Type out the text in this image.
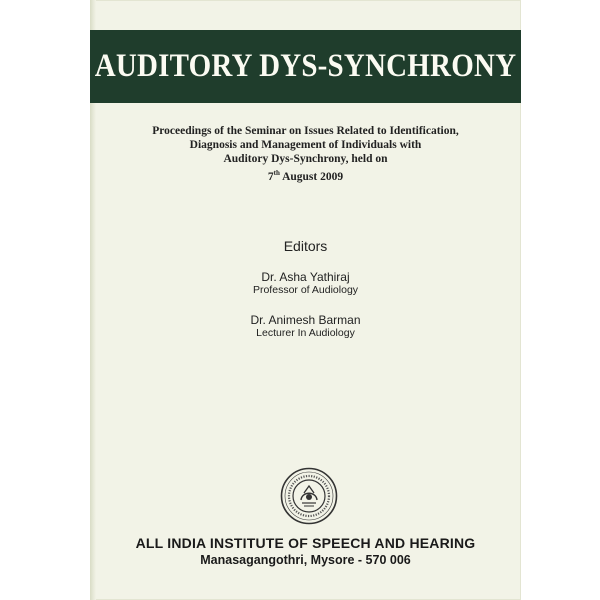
AUDITORY DYS-SYNCHRONY
Proceedings of the Seminar on Issues Related to Identification,
Diagnosis and Management of Individuals with
Auditory Dys-Synchrony, held on
7th August 2009
Editors
Dr. Asha Yathiraj
Professor of Audiology
Dr. Animesh Barman
Lecturer In Audiology
ALL INDIA INSTITUTE OF SPEECH AND HEARING
Manasagangothri, Mysore - 570 006
